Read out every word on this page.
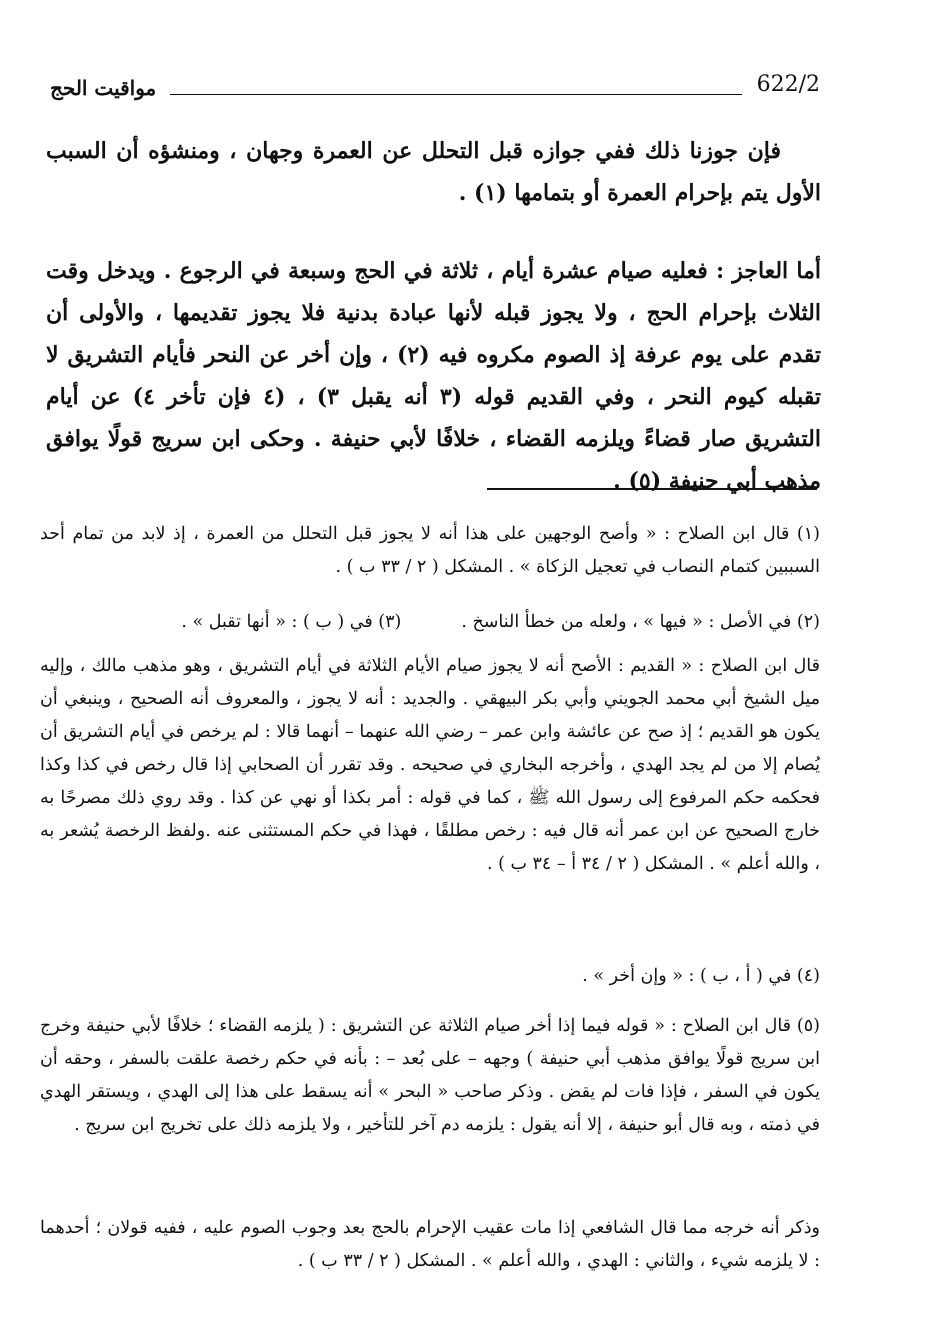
مواقيت الحج	622/2

فإن جوزنا ذلك ففي جوازه قبل التحلل عن العمرة وجهان ، ومنشؤه أن السبب الأول يتم بإحرام العمرة أو بتمامها (١) .

أما العاجز : فعليه صيام عشرة أيام ، ثلاثة في الحج وسبعة في الرجوع . ويدخل وقت الثلاث بإحرام الحج ، ولا يجوز قبله لأنها عبادة بدنية فلا يجوز تقديمها ، والأولى أن تقدم على يوم عرفة إذ الصوم مكروه فيه (٢) ، وإن أخر عن النحر فأيام التشريق لا تقبله كيوم النحر ، وفي القديم قوله (٣ أنه يقبل ٣) ، (٤ فإن تأخر ٤) عن أيام التشريق صار قضاءً ويلزمه القضاء ، خلافًا لأبي حنيفة . وحكى ابن سريج قولًا يوافق مذهب أبي حنيفة (٥) .

(١) قال ابن الصلاح : « وأصح الوجهين على هذا أنه لا يجوز قبل التحلل من العمرة ، إذ لابد من تمام أحد السببين كتمام النصاب في تعجيل الزكاة » . المشكل ( ٢ / ٣٣ ب ) .

(٢) في الأصل : « فيها » ، ولعله من خطأ الناسخ .(٣) في ( ب ) : « أنها تقبل » .

قال ابن الصلاح : « القديم : الأصح أنه لا يجوز صيام الأيام الثلاثة في أيام التشريق ، وهو مذهب مالك ، وإليه ميل الشيخ أبي محمد الجويني وأبي بكر البيهقي . والجديد : أنه لا يجوز ، والمعروف أنه الصحيح ، وينبغي أن يكون هو القديم ؛ إذ صح عن عائشة وابن عمر – رضي الله عنهما – أنهما قالا : لم يرخص في أيام التشريق أن يُصام إلا من لم يجد الهدي ، وأخرجه البخاري في صحيحه . وقد تقرر أن الصحابي إذا قال رخص في كذا وكذا فحكمه حكم المرفوع إلى رسول الله ﷺ ، كما في قوله : أمر بكذا أو نهي عن كذا . وقد روي ذلك مصرحًا به خارج الصحيح عن ابن عمر أنه قال فيه : رخص مطلقًا ، فهذا في حكم المستثنى عنه .ولفظ الرخصة يُشعر به ، والله أعلم » . المشكل ( ٢ / ٣٤ أ – ٣٤ ب ) .

(٤) في ( أ ، ب ) : « وإن أخر » .

(٥) قال ابن الصلاح : « قوله فيما إذا أخر صيام الثلاثة عن التشريق : ( يلزمه القضاء ؛ خلافًا لأبي حنيفة وخرج ابن سريج قولًا يوافق مذهب أبي حنيفة ) وجهه – على بُعد – : بأنه في حكم رخصة علقت بالسفر ، وحقه أن يكون في السفر ، فإذا فات لم يقض . وذكر صاحب « البحر » أنه يسقط على هذا إلى الهدي ، ويستقر الهدي في ذمته ، وبه قال أبو حنيفة ، إلا أنه يقول : يلزمه دم آخر للتأخير ، ولا يلزمه ذلك على تخريج ابن سريج .

وذكر أنه خرجه مما قال الشافعي إذا مات عقيب الإحرام بالحج بعد وجوب الصوم عليه ، ففيه قولان ؛ أحدهما : لا يلزمه شيء ، والثاني : الهدي ، والله أعلم » . المشكل ( ٢ / ٣٣ ب ) .
